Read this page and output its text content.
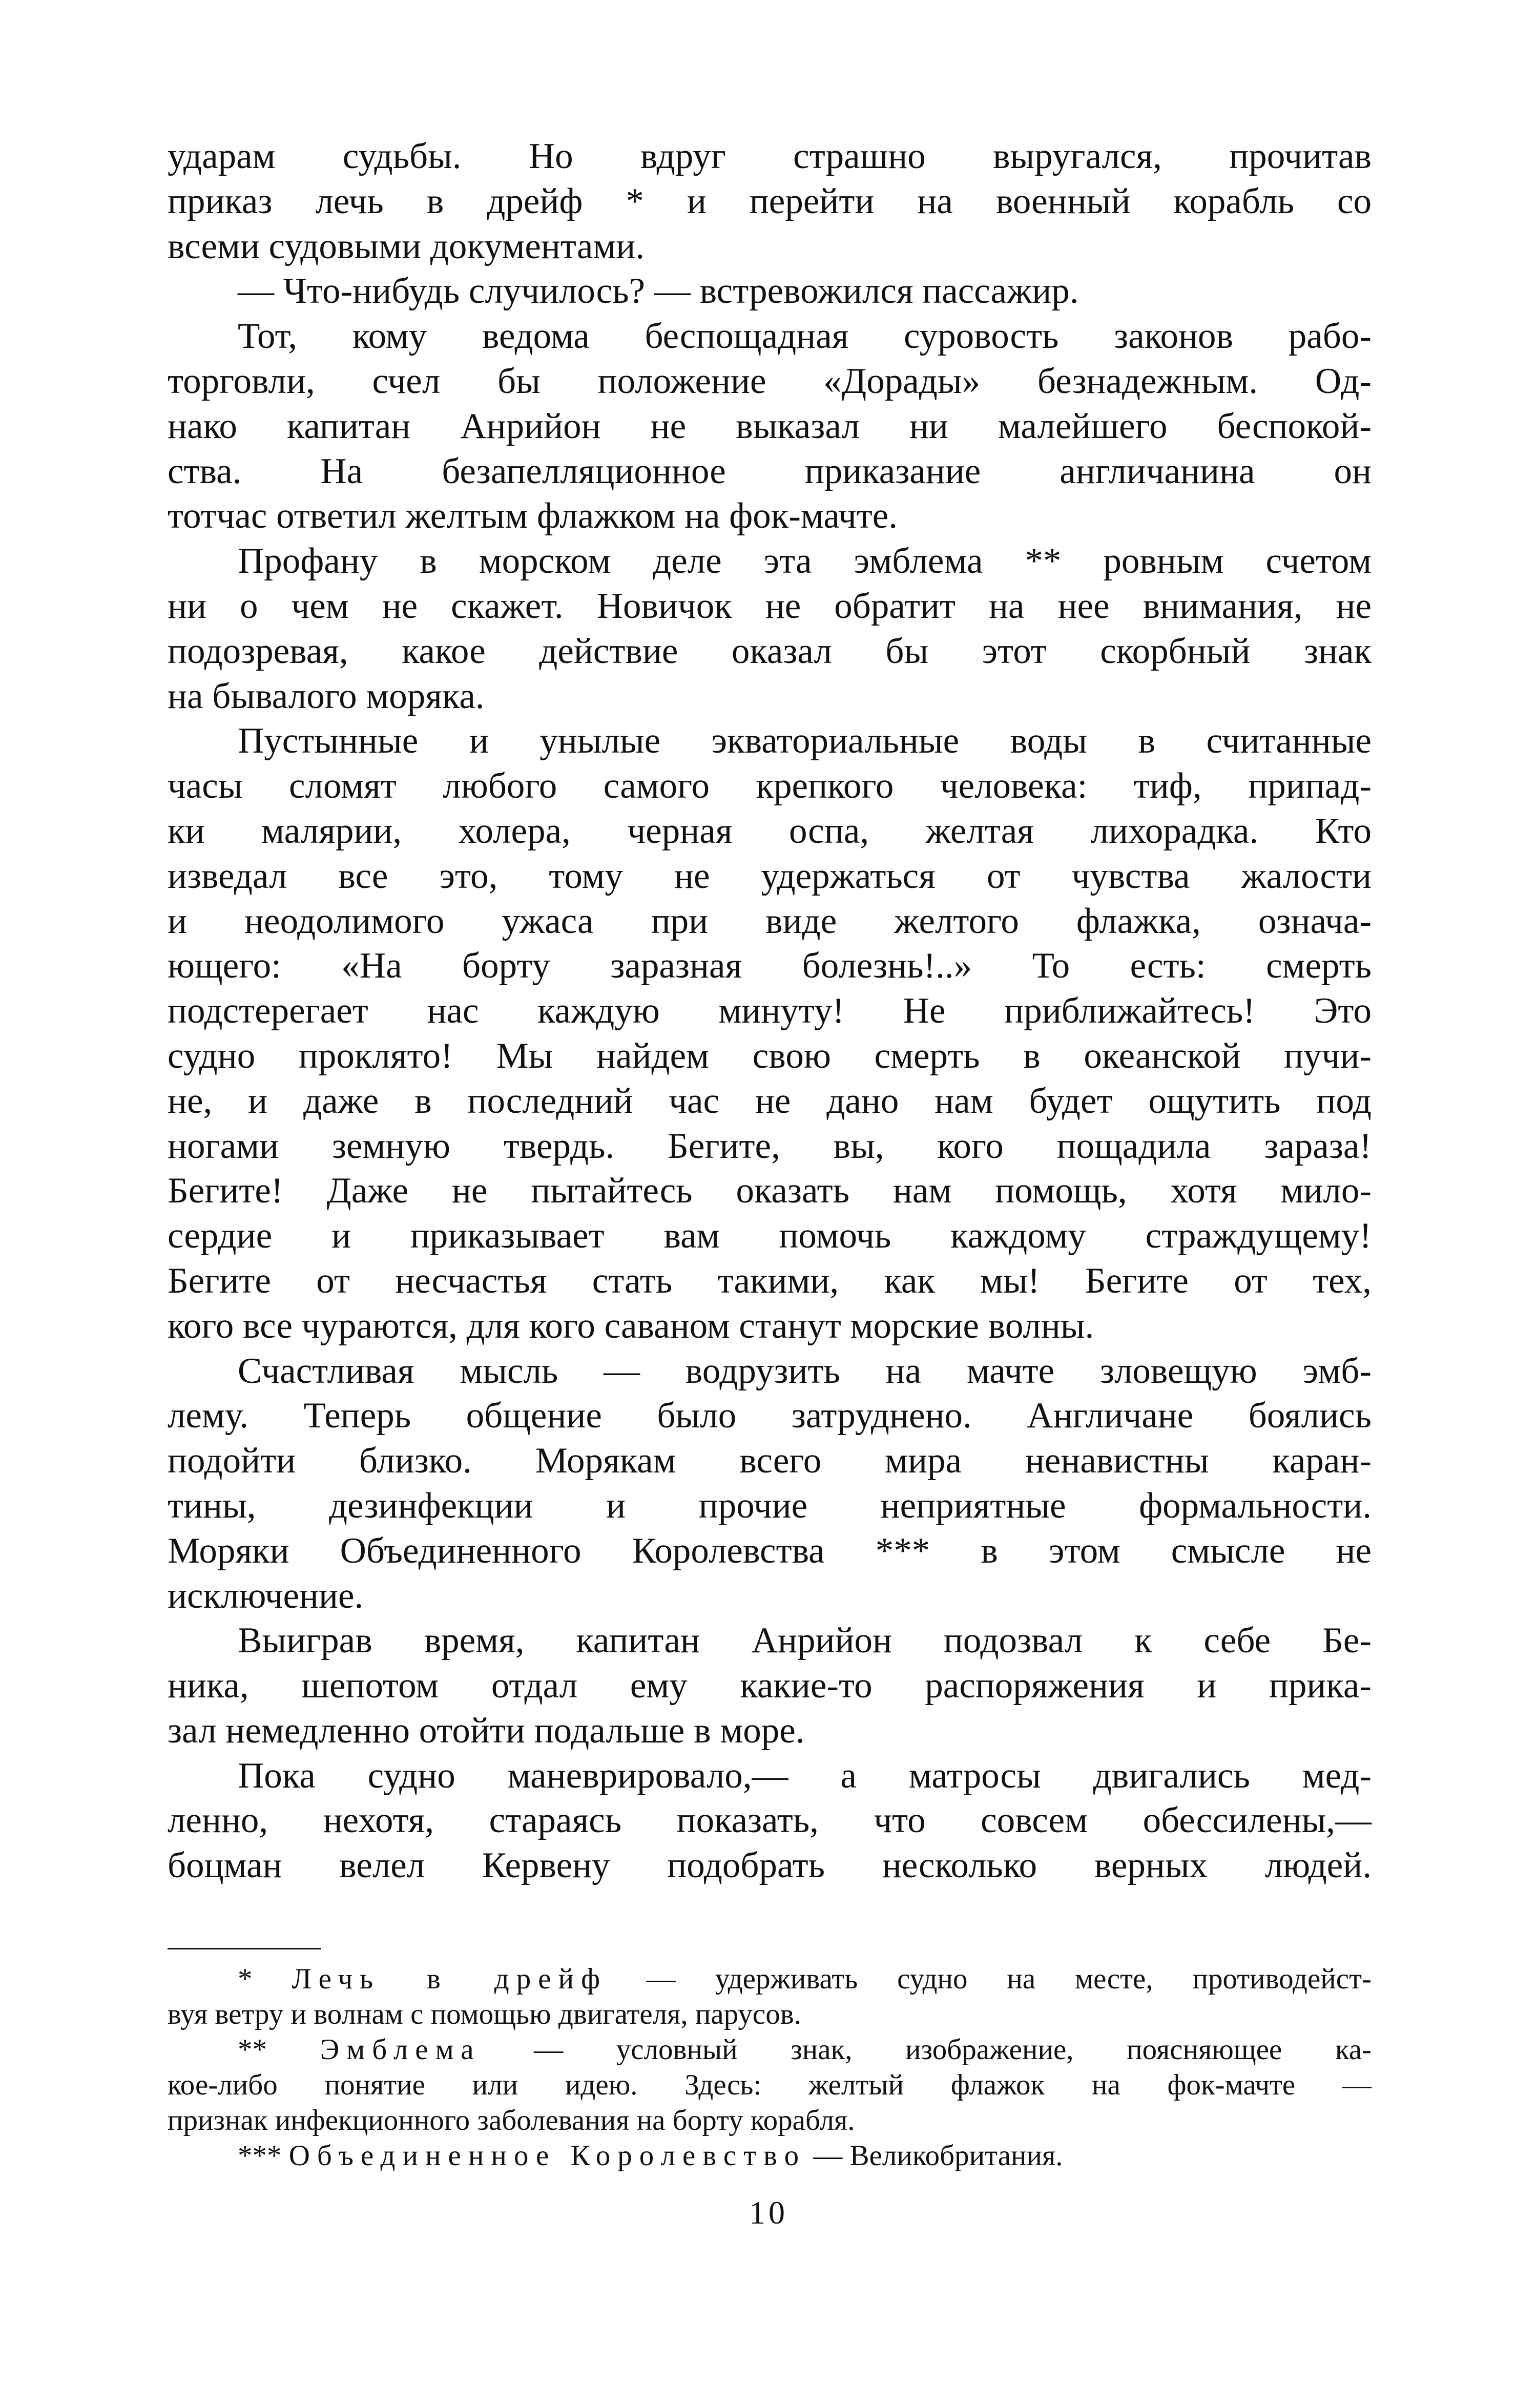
ударам судьбы. Но вдруг страшно выругался, прочитав
приказ лечь в дрейф * и перейти на военный корабль со
всеми судовыми документами.
— Что-нибудь случилось? — встревожился пассажир.
Тот, кому ведома беспощадная суровость законов рабо-
торговли, счел бы положение «Дорады» безнадежным. Од-
нако капитан Анрийон не выказал ни малейшего беспокой-
ства. На безапелляционное приказание англичанина он
тотчас ответил желтым флажком на фок-мачте.
Профану в морском деле эта эмблема ** ровным счетом
ни о чем не скажет. Новичок не обратит на нее внимания, не
подозревая, какое действие оказал бы этот скорбный знак
на бывалого моряка.
Пустынные и унылые экваториальные воды в считанные
часы сломят любого самого крепкого человека: тиф, припад-
ки малярии, холера, черная оспа, желтая лихорадка. Кто
изведал все это, тому не удержаться от чувства жалости
и неодолимого ужаса при виде желтого флажка, означа-
ющего: «На борту заразная болезнь!..» То есть: смерть
подстерегает нас каждую минуту! Не приближайтесь! Это
судно проклято! Мы найдем свою смерть в океанской пучи-
не, и даже в последний час не дано нам будет ощутить под
ногами земную твердь. Бегите, вы, кого пощадила зараза!
Бегите! Даже не пытайтесь оказать нам помощь, хотя мило-
сердие и приказывает вам помочь каждому страждущему!
Бегите от несчастья стать такими, как мы! Бегите от тех,
кого все чураются, для кого саваном станут морские волны.
Счастливая мысль — водрузить на мачте зловещую эмб-
лему. Теперь общение было затруднено. Англичане боялись
подойти близко. Морякам всего мира ненавистны каран-
тины, дезинфекции и прочие неприятные формальности.
Моряки Объединенного Королевства *** в этом смысле не
исключение.
Выиграв время, капитан Анрийон подозвал к себе Бе-
ника, шепотом отдал ему какие-то распоряжения и прика-
зал немедленно отойти подальше в море.
Пока судно маневрировало,— а матросы двигались мед-
ленно, нехотя, стараясь показать, что совсем обессилены,—
боцман велел Кервену подобрать несколько верных людей.
* Лечь в дрейф — удерживать судно на месте, противодейст-
вуя ветру и волнам с помощью двигателя, парусов.
** Эмблема — условный знак, изображение, поясняющее ка-
кое-либо понятие или идею. Здесь: желтый флажок на фок-мачте —
признак инфекционного заболевания на борту корабля.
*** Объединенное Королевство — Великобритания.
10
